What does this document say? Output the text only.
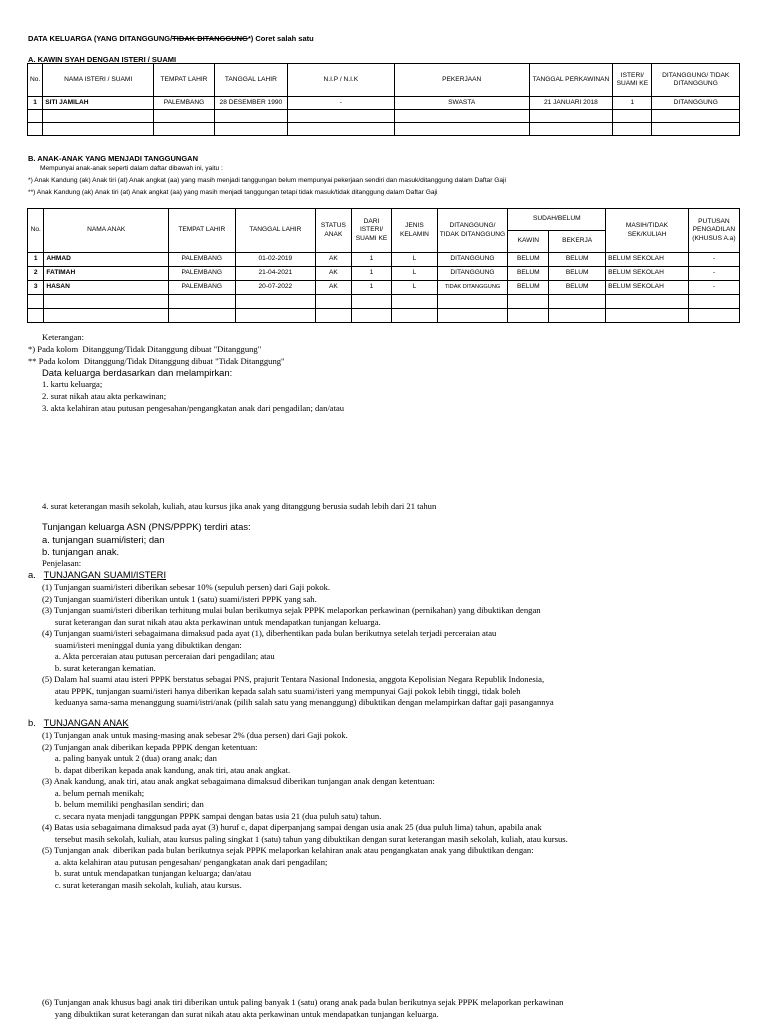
DATA KELUARGA (YANG DITANGGUNG/TIDAK DITANGGUNG*) Coret salah satu
A. KAWIN SYAH DENGAN ISTERI / SUAMI
No.	NAMA ISTERI / SUAMI	TEMPAT LAHIR	TANGGAL LAHIR	N.I.P / N.I.K	PEKERJAAN	TANGGAL PERKAWINAN	ISTERI/ SUAMI KE	DITANGGUNG/ TIDAK DITANGGUNG
1	SITI JAMILAH	PALEMBANG	28 DESEMBER 1990	-	SWASTA	21 JANUARI 2018	1	DITANGGUNG

B. ANAK-ANAK YANG MENJADI TANGGUNGAN
Mempunyai anak-anak seperti dalam daftar dibawah ini, yaitu :
*) Anak Kandung (ak) Anak tiri (at) Anak angkat (aa) yang masih menjadi tanggungan belum mempunyai pekerjaan sendiri dan masuk/ditanggung dalam Daftar Gaji
**) Anak Kandung (ak) Anak tiri (at) Anak angkat (aa) yang masih menjadi tanggungan tetapi tidak masuk/tidak ditanggung dalam Daftar Gaji
No.	NAMA ANAK	TEMPAT LAHIR	TANGGAL LAHIR	STATUS ANAK	DARI ISTERI/ SUAMI KE	JENIS KELAMIN	DITANGGUNG/ TIDAK DITANGGUNG	SUDAH/BELUM		MASIH/TIDAK SEK/KULIAH	PUTUSAN PENGADILAN (KHUSUS A.a)
								KAWIN	BEKERJA		
1	AHMAD	PALEMBANG	01-02-2019	AK	1	L	DITANGGUNG	BELUM	BELUM	BELUM SEKOLAH	-
2	FATIMAH	PALEMBANG	21-04-2021	AK	1	L	DITANGGUNG	BELUM	BELUM	BELUM SEKOLAH	-
3	HASAN	PALEMBANG	20-07-2022	AK	1	L	TIDAK DITANGGUNG	BELUM	BELUM	BELUM SEKOLAH	-

Keterangan:
*) Pada kolom  Ditanggung/Tidak Ditanggung dibuat "Ditanggung"
** Pada kolom  Ditanggung/Tidak Ditanggung dibuat "Tidak Ditanggung"
Data keluarga berdasarkan dan melampirkan:
1. kartu keluarga;
2. surat nikah atau akta perkawinan;
3. akta kelahiran atau putusan pengesahan/pengangkatan anak dari pengadilan; dan/atau
4. surat keterangan masih sekolah, kuliah, atau kursus jika anak yang ditanggung berusia sudah lebih dari 21 tahun
Tunjangan keluarga ASN (PNS/PPPK) terdiri atas:
a. tunjangan suami/isteri; dan
b. tunjangan anak.
Penjelasan:
a. TUNJANGAN SUAMI/ISTERI
(1) Tunjangan suami/isteri diberikan sebesar 10% (sepuluh persen) dari Gaji pokok.
(2) Tunjangan suami/isteri diberikan untuk 1 (satu) suami/isteri PPPK yang sah.
(3) Tunjangan suami/isteri diberikan terhitung mulai bulan berikutnya sejak PPPK melaporkan perkawinan (pernikahan) yang dibuktikan dengan
surat keterangan dan surat nikah atau akta perkawinan untuk mendapatkan tunjangan keluarga.
(4) Tunjangan suami/isteri sebagaimana dimaksud pada ayat (1), diberhentikan pada bulan berikutnya setelah terjadi perceraian atau
suami/isteri meninggal dunia yang dibuktikan dengan:
a. Akta perceraian atau putusan perceraian dari pengadilan; atau
b. surat keterangan kematian.
(5) Dalam hal suami atau isteri PPPK berstatus sebagai PNS, prajurit Tentara Nasional Indonesia, anggota Kepolisian Negara Republik Indonesia,
atau PPPK, tunjangan suami/isteri hanya diberikan kepada salah satu suami/isteri yang mempunyai Gaji pokok lebih tinggi, tidak boleh
keduanya sama-sama menanggung suami/istri/anak (pilih salah satu yang menanggung) dibuktikan dengan melampirkan daftar gaji pasangannya
b. TUNJANGAN ANAK
(1) Tunjangan anak untuk masing-masing anak sebesar 2% (dua persen) dari Gaji pokok.
(2) Tunjangan anak diberikan kepada PPPK dengan ketentuan:
a. paling banyak untuk 2 (dua) orang anak; dan
b. dapat diberikan kepada anak kandung, anak tiri, atau anak angkat.
(3) Anak kandung, anak tiri, atau anak angkat sebagaimana dimaksud diberikan tunjangan anak dengan ketentuan:
a. belum pernah menikah;
b. belum memiliki penghasilan sendiri; dan
c. secara nyata menjadi tanggungan PPPK sampai dengan batas usia 21 (dua puluh satu) tahun.
(4) Batas usia sebagaimana dimaksud pada ayat (3) huruf c, dapat diperpanjang sampai dengan usia anak 25 (dua puluh lima) tahun, apabila anak
tersebut masih sekolah, kuliah, atau kursus paling singkat 1 (satu) tahun yang dibuktikan dengan surat keterangan masih sekolah, kuliah, atau kursus.
(5) Tunjangan anak  diberikan pada bulan berikutnya sejak PPPK melaporkan kelahiran anak atau pengangkatan anak yang dibuktikan dengan:
a. akta kelahiran atau putusan pengesahan/ pengangkatan anak dari pengadilan;
b. surat untuk mendapatkan tunjangan keluarga; dan/atau
c. surat keterangan masih sekolah, kuliah, atau kursus.
(6) Tunjangan anak khusus bagi anak tiri diberikan untuk paling banyak 1 (satu) orang anak pada bulan berikutnya sejak PPPK melaporkan perkawinan
yang dibuktikan surat keterangan dan surat nikah atau akta perkawinan untuk mendapatkan tunjangan keluarga.
